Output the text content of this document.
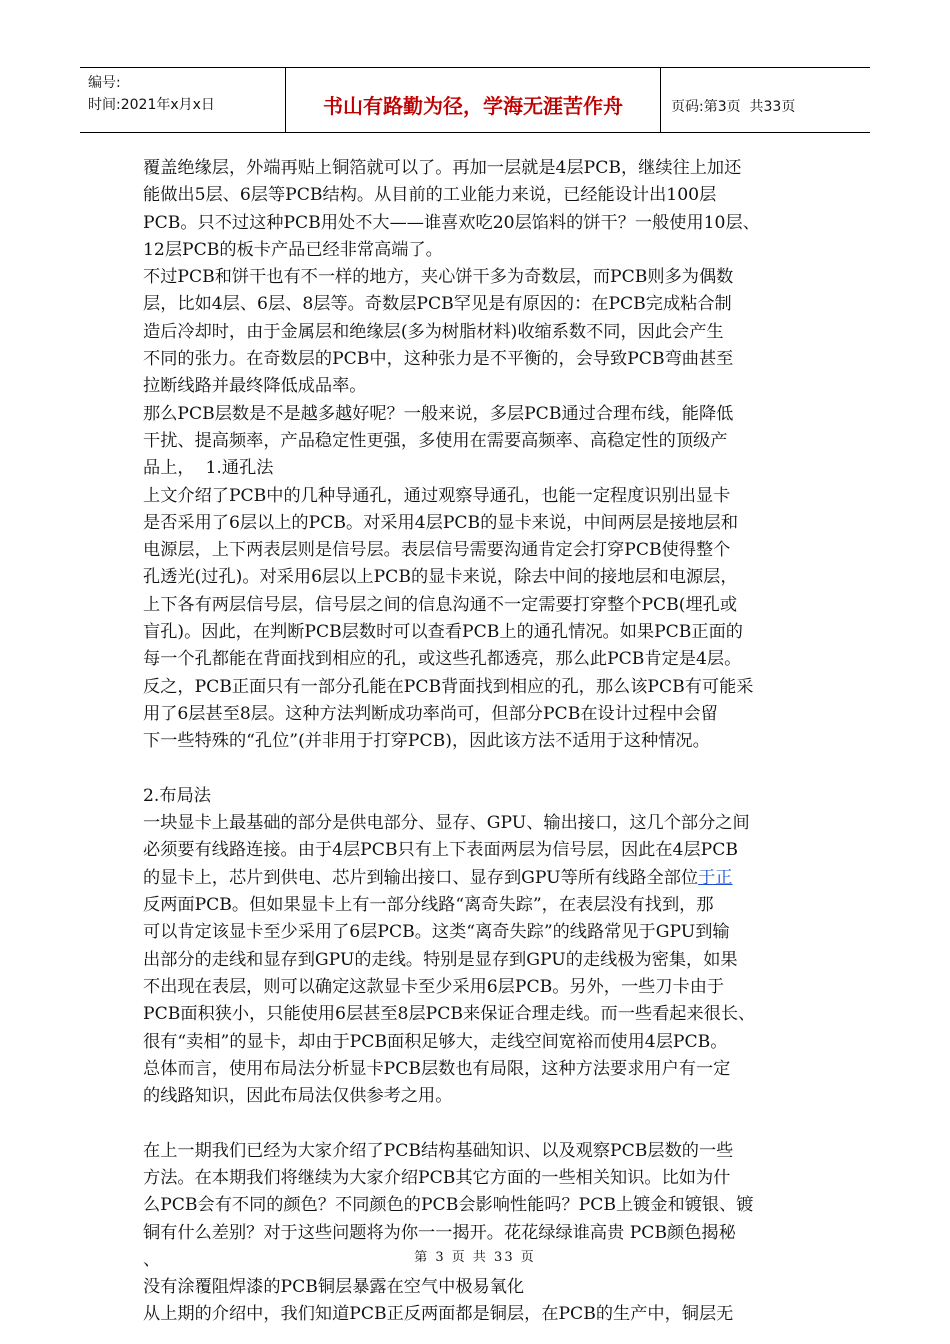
编号:
时间:2021年x月x日	书山有路勤为径，学海无涯苦作舟	页码:第3页  共33页
覆盖绝缘层，外端再贴上铜箔就可以了。再加一层就是4层PCB，继续往上加还
能做出5层、6层等PCB结构。从目前的工业能力来说，已经能设计出100层
PCB。只不过这种PCB用处不大——谁喜欢吃20层馅料的饼干？一般使用10层、
12层PCB的板卡产品已经非常高端了。
不过PCB和饼干也有不一样的地方，夹心饼干多为奇数层，而PCB则多为偶数
层，比如4层、6层、8层等。奇数层PCB罕见是有原因的：在PCB完成粘合制
造后冷却时，由于金属层和绝缘层(多为树脂材料)收缩系数不同，因此会产生
不同的张力。在奇数层的PCB中，这种张力是不平衡的，会导致PCB弯曲甚至
拉断线路并最终降低成品率。
那么PCB层数是不是越多越好呢？一般来说，多层PCB通过合理布线，能降低
干扰、提高频率，产品稳定性更强，多使用在需要高频率、高稳定性的顶级产
品上，  1.通孔法
上文介绍了PCB中的几种导通孔，通过观察导通孔，也能一定程度识别出显卡
是否采用了6层以上的PCB。对采用4层PCB的显卡来说，中间两层是接地层和
电源层，上下两表层则是信号层。表层信号需要沟通肯定会打穿PCB使得整个
孔透光(过孔)。对采用6层以上PCB的显卡来说，除去中间的接地层和电源层，
上下各有两层信号层，信号层之间的信息沟通不一定需要打穿整个PCB(埋孔或
盲孔)。因此，在判断PCB层数时可以查看PCB上的通孔情况。如果PCB正面的
每一个孔都能在背面找到相应的孔，或这些孔都透亮，那么此PCB肯定是4层。
反之，PCB正面只有一部分孔能在PCB背面找到相应的孔，那么该PCB有可能采
用了6层甚至8层。这种方法判断成功率尚可，但部分PCB在设计过程中会留
下一些特殊的“孔位”(并非用于打穿PCB)，因此该方法不适用于这种情况。
2.布局法
一块显卡上最基础的部分是供电部分、显存、GPU、输出接口，这几个部分之间
必须要有线路连接。由于4层PCB只有上下表面两层为信号层，因此在4层PCB
的显卡上，芯片到供电、芯片到输出接口、显存到GPU等所有线路全部位于正
反两面PCB。但如果显卡上有一部分线路“离奇失踪”，在表层没有找到，那
可以肯定该显卡至少采用了6层PCB。这类“离奇失踪”的线路常见于GPU到输
出部分的走线和显存到GPU的走线。特别是显存到GPU的走线极为密集，如果
不出现在表层，则可以确定这款显卡至少采用6层PCB。另外，一些刀卡由于
PCB面积狭小，只能使用6层甚至8层PCB来保证合理走线。而一些看起来很长、
很有“卖相”的显卡，却由于PCB面积足够大，走线空间宽裕而使用4层PCB。
总体而言，使用布局法分析显卡PCB层数也有局限，这种方法要求用户有一定
的线路知识，因此布局法仅供参考之用。
在上一期我们已经为大家介绍了PCB结构基础知识、以及观察PCB层数的一些
方法。在本期我们将继续为大家介绍PCB其它方面的一些相关知识。比如为什
么PCB会有不同的颜色？不同颜色的PCB会影响性能吗？PCB上镀金和镀银、镀
铜有什么差别？对于这些问题将为你一一揭开。花花绿绿谁高贵 PCB颜色揭秘
、
没有涂覆阻焊漆的PCB铜层暴露在空气中极易氧化
从上期的介绍中，我们知道PCB正反两面都是铜层，在PCB的生产中，铜层无
第 3 页 共 33 页
